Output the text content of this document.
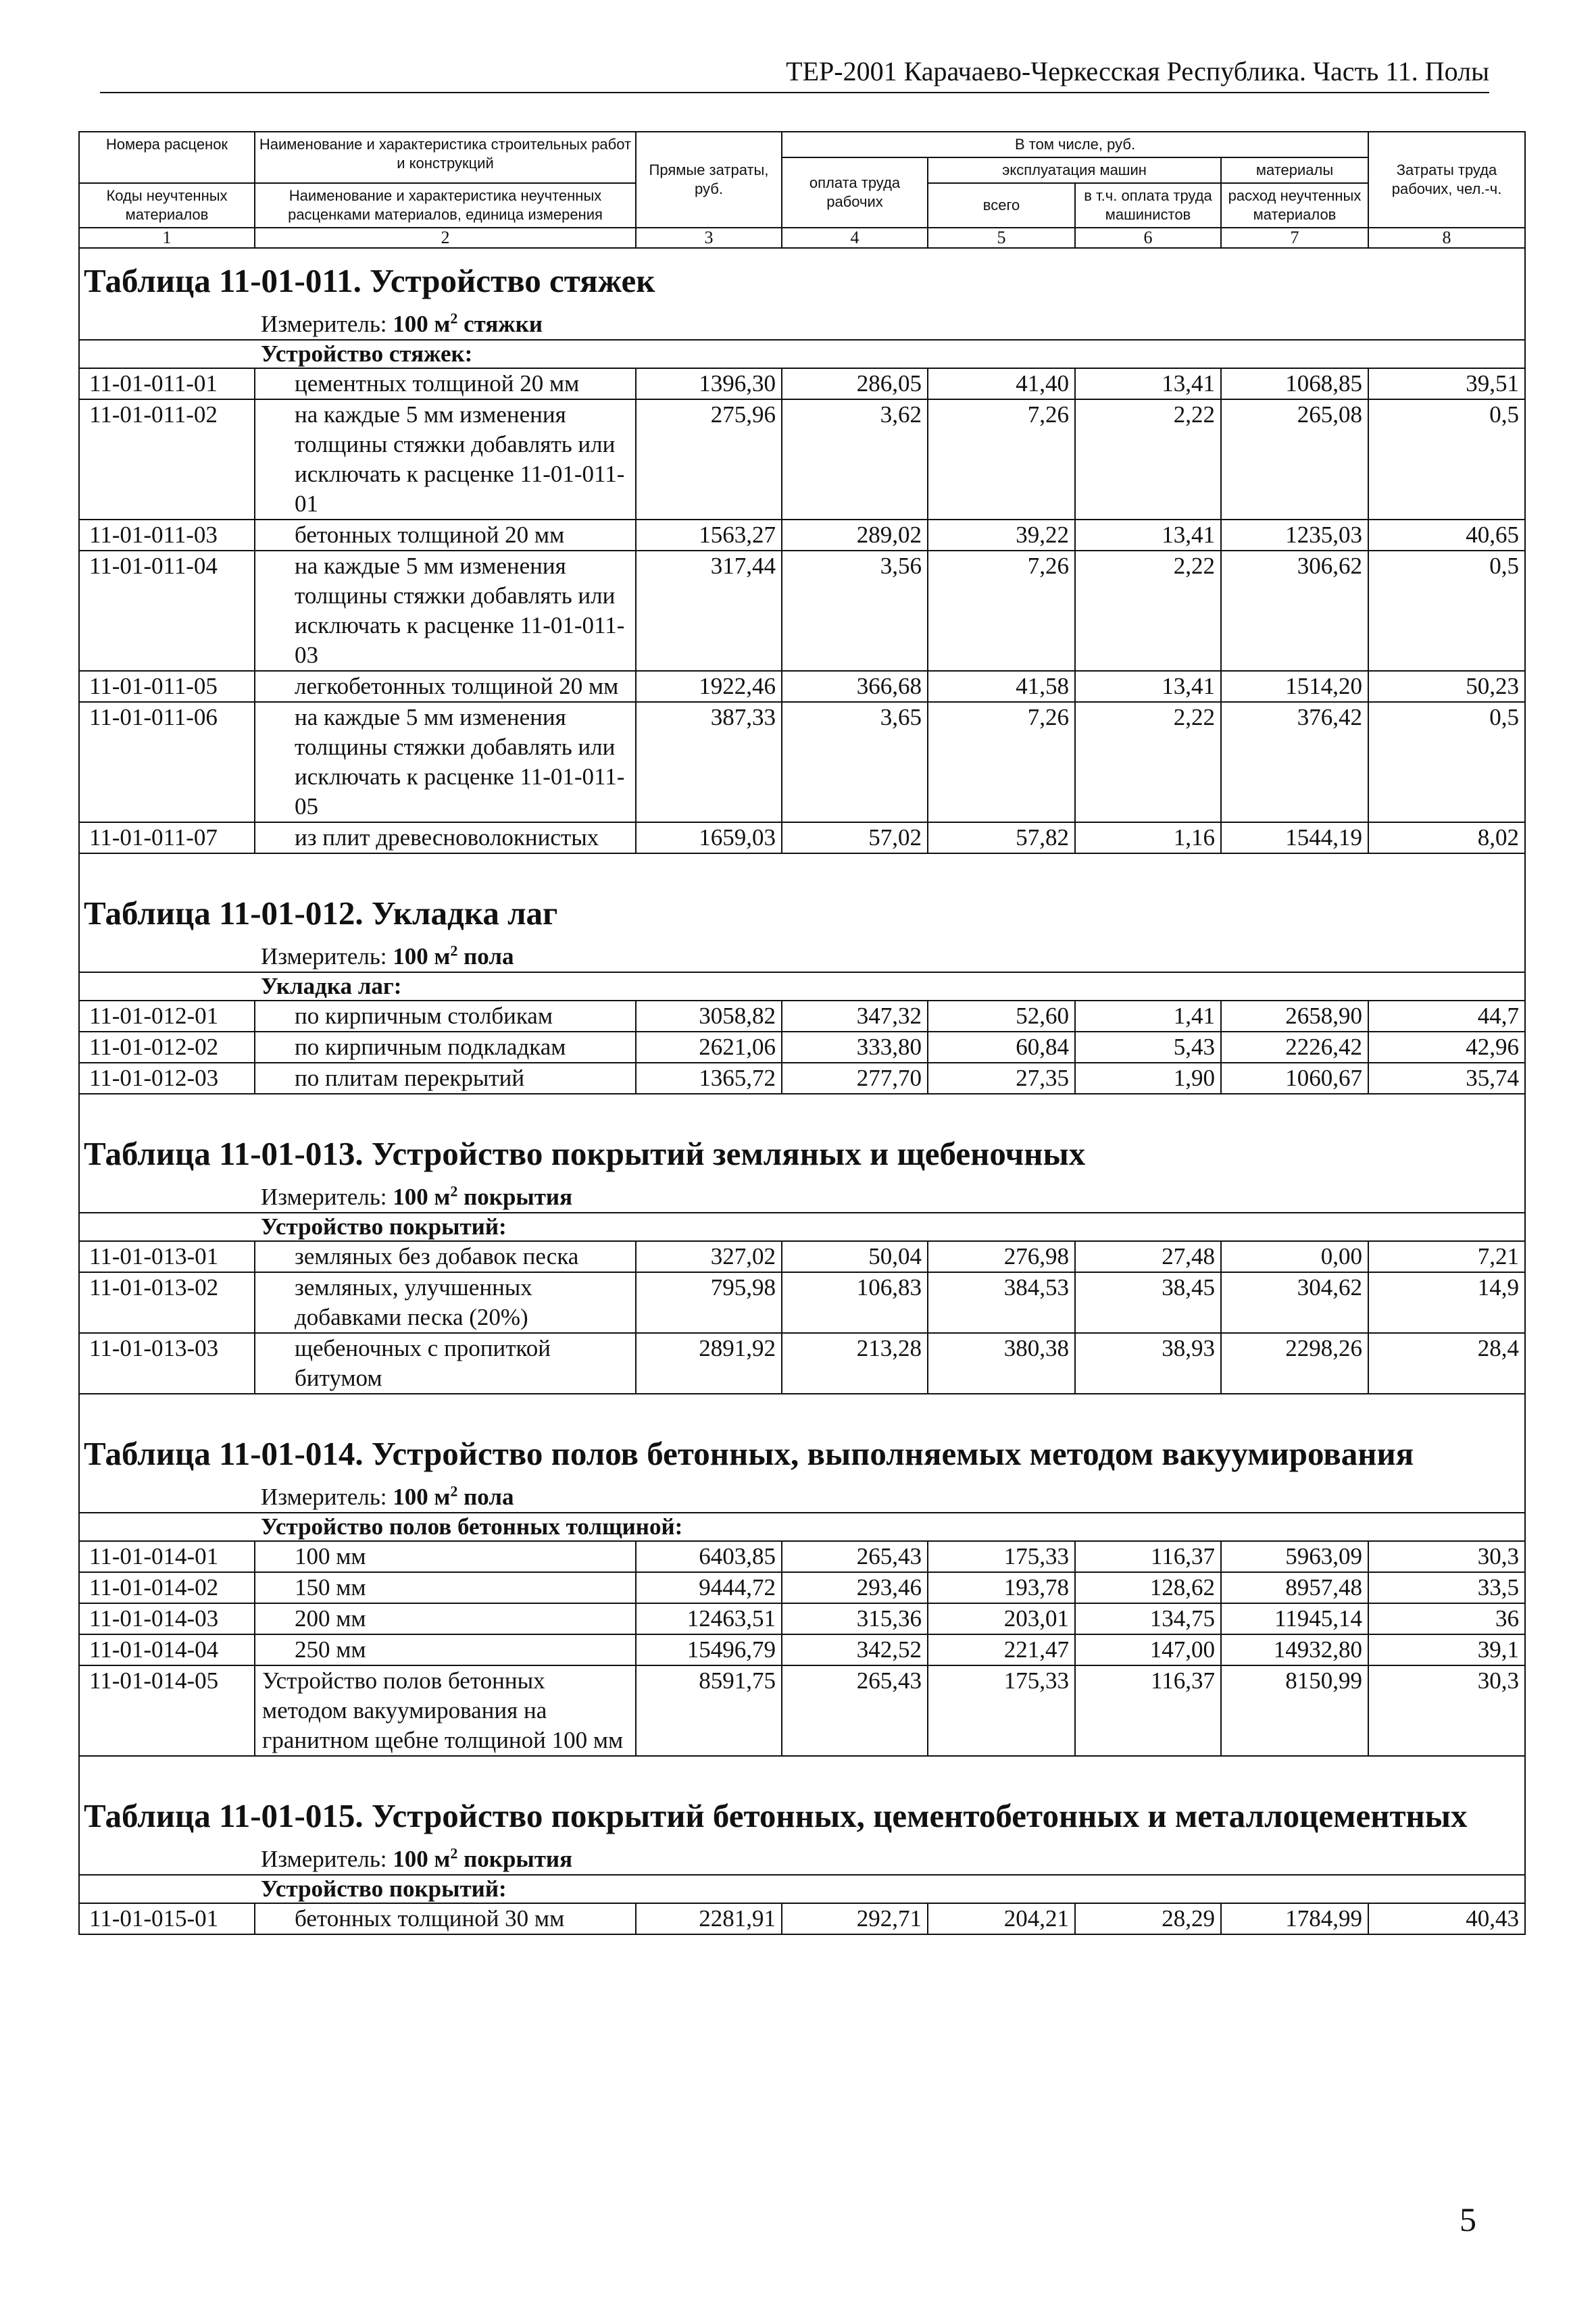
ТЕР-2001 Карачаево-Черкесская Республика. Часть 11. Полы
Номера расценок	Наименование и характеристика строительных работ и конструкций	Прямые затраты, руб.	В том числе, руб.				Затраты труда рабочих, чел.-ч.
			оплата труда рабочих	эксплуатация машин		материалы	
Коды неучтенных материалов	Наименование и характеристика неучтенных расценками материалов, единица измерения			всего	в т.ч. оплата труда машинистов	расход неучтенных материалов	

1	2	3	4	5	6	7	8
Таблица 11-01-011. Устройство стяжек							
Измеритель: 100 $м^2$ стяжки							
Устройство стяжек:							
11-01-011-01	цементных толщиной 20 мм	1396,30	286,05	41,40	13,41	1068,85	39,51
11-01-011-02	на каждые 5 мм изменения толщины стяжки добавлять или исключать к расценке 11-01-011-01	275,96	3,62	7,26	2,22	265,08	0,5
11-01-011-03	бетонных толщиной 20 мм	1563,27	289,02	39,22	13,41	1235,03	40,65
11-01-011-04	на каждые 5 мм изменения толщины стяжки добавлять или исключать к расценке 11-01-011-03	317,44	3,56	7,26	2,22	306,62	0,5
11-01-011-05	легкобетонных толщиной 20 мм	1922,46	366,68	41,58	13,41	1514,20	50,23
11-01-011-06	на каждые 5 мм изменения толщины стяжки добавлять или исключать к расценке 11-01-011-05	387,33	3,65	7,26	2,22	376,42	0,5
11-01-011-07	из плит древесноволокнистых	1659,03	57,02	57,82	1,16	1544,19	8,02

Таблица 11-01-012. Укладка лаг							
Измеритель: 100 $м^2$ пола							
Укладка лаг:							
11-01-012-01	по кирпичным столбикам	3058,82	347,32	52,60	1,41	2658,90	44,7
11-01-012-02	по кирпичным подкладкам	2621,06	333,80	60,84	5,43	2226,42	42,96
11-01-012-03	по плитам перекрытий	1365,72	277,70	27,35	1,90	1060,67	35,74

Таблица 11-01-013. Устройство покрытий земляных и щебеночных							
Измеритель: 100 $м^2$ покрытия							
Устройство покрытий:							
11-01-013-01	земляных без добавок песка	327,02	50,04	276,98	27,48	0,00	7,21
11-01-013-02	земляных, улучшенных добавками песка (20%)	795,98	106,83	384,53	38,45	304,62	14,9
11-01-013-03	щебеночных с пропиткой битумом	2891,92	213,28	380,38	38,93	2298,26	28,4

Таблица 11-01-014. Устройство полов бетонных, выполняемых методом вакуумирования							
Измеритель: 100 $м^2$ пола							
Устройство полов бетонных толщиной:							
11-01-014-01	100 мм	6403,85	265,43	175,33	116,37	5963,09	30,3
11-01-014-02	150 мм	9444,72	293,46	193,78	128,62	8957,48	33,5
11-01-014-03	200 мм	12463,51	315,36	203,01	134,75	11945,14	36
11-01-014-04	250 мм	15496,79	342,52	221,47	147,00	14932,80	39,1
11-01-014-05	Устройство полов бетонных методом вакуумирования на гранитном щебне толщиной 100 мм	8591,75	265,43	175,33	116,37	8150,99	30,3

Таблица 11-01-015. Устройство покрытий бетонных, цементобетонных и металлоцементных							
Измеритель: 100 $м^2$ покрытия							
Устройство покрытий:							
11-01-015-01	бетонных толщиной 30 мм	2281,91	292,71	204,21	28,29	1784,99	40,43
5
